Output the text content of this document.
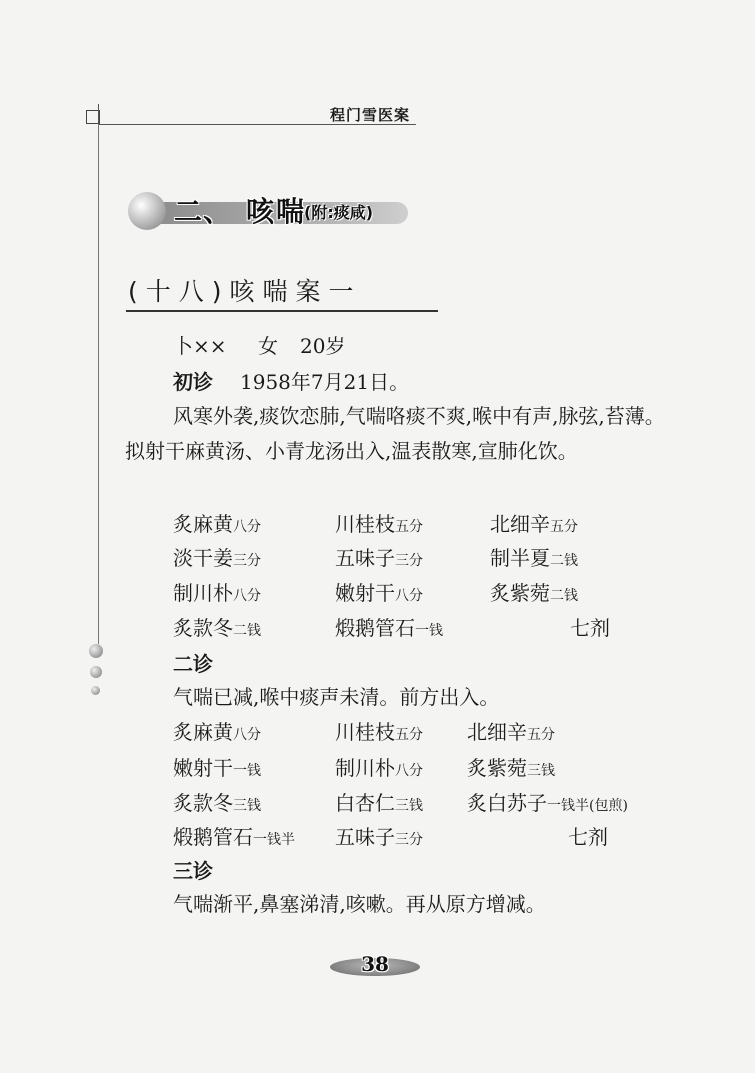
程门雪医案
二、 咳喘
(附:痰咸)
(十八)咳喘案一
卜×× 女 20岁
初诊 1958年7月21日。
风寒外袭,痰饮恋肺,气喘咯痰不爽,喉中有声,脉弦,苔薄。拟射干麻黄汤、小青龙汤出入,温表散寒,宣肺化饮。
炙麻黄八分	川桂枝五分	北细辛五分
淡干姜三分	五味子三分	制半夏二钱
制川朴八分	嫩射干八分	炙紫菀二钱
炙款冬二钱	煅鹅管石一钱	七剂
二诊
气喘已减,喉中痰声未清。前方出入。
炙麻黄八分	川桂枝五分 北细辛五分
嫩射干一钱	制川朴八分 炙紫菀三钱
炙款冬三钱	白杏仁三钱 炙白苏子一钱半(包煎)
煅鹅管石一钱半 五味子三分	七剂
三诊
气喘渐平,鼻塞涕清,咳嗽。再从原方增减。
38
